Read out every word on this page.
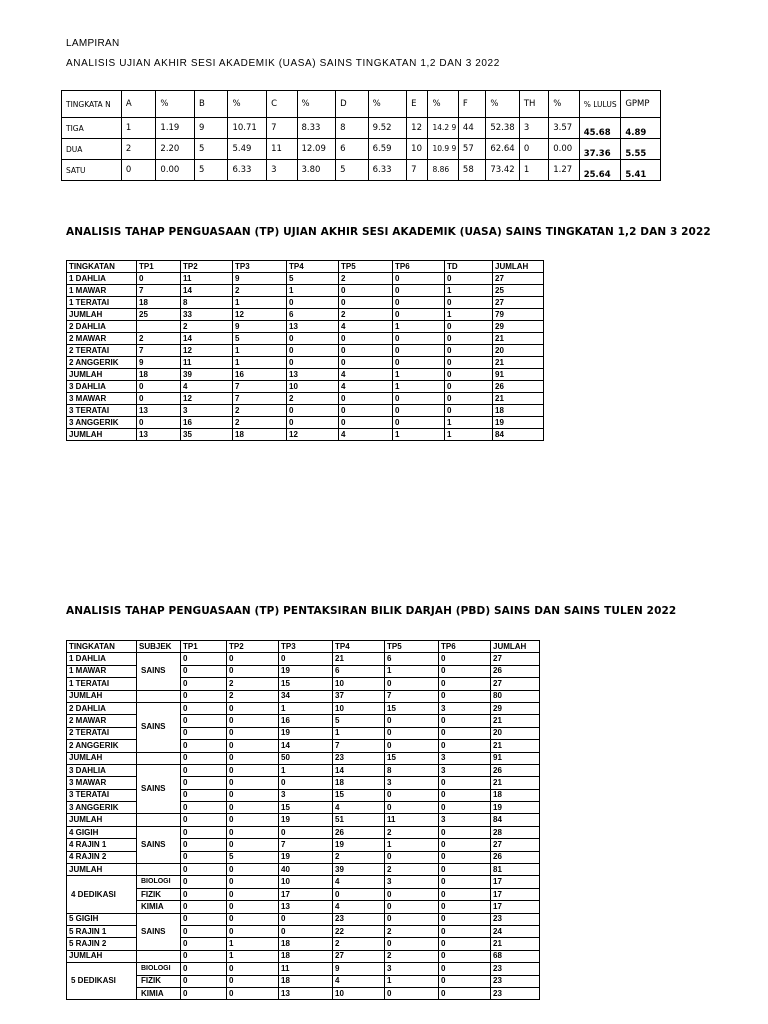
LAMPIRAN

ANALISIS UJIAN AKHIR SESI AKADEMIK (UASA) SAINS TINGKATAN 1,2 DAN 3 2022

TINGKATA N	A	%	B	%	C	%	D	%	E	%	F	%	TH	%	% LULUS	GPMP
TIGA	1	1.19	9	10.71	7	8.33	8	9.52	12	14.2 9	44	52.38	3	3.57	45.68	4.89
DUA	2	2.20	5	5.49	11	12.09	6	6.59	10	10.9 9	57	62.64	0	0.00	37.36	5.55
SATU	0	0.00	5	6.33	3	3.80	5	6.33	7	8.86	58	73.42	1	1.27	25.64	5.41
ANALISIS TAHAP PENGUASAAN (TP) UJIAN AKHIR SESI AKADEMIK (UASA) SAINS TINGKATAN 1,2 DAN 3 2022
TINGKATAN	TP1	TP2	TP3	TP4	TP5	TP6	TD	JUMLAH
1 DAHLIA	0	11	9	5	2	0	0	27
1 MAWAR	7	14	2	1	0	0	1	25
1 TERATAI	18	8	1	0	0	0	0	27
JUMLAH	25	33	12	6	2	0	1	79
2 DAHLIA		2	9	13	4	1	0	29
2 MAWAR	2	14	5	0	0	0	0	21
2 TERATAI	7	12	1	0	0	0	0	20
2 ANGGERIK	9	11	1	0	0	0	0	21
JUMLAH	18	39	16	13	4	1	0	91
3 DAHLIA	0	4	7	10	4	1	0	26
3 MAWAR	0	12	7	2	0	0	0	21
3 TERATAI	13	3	2	0	0	0	0	18
3 ANGGERIK	0	16	2	0	0	0	1	19
JUMLAH	13	35	18	12	4	1	1	84
ANALISIS TAHAP PENGUASAAN (TP) PENTAKSIRAN BILIK DARJAH (PBD) SAINS DAN SAINS TULEN 2022
TINGKATAN	SUBJEK	TP1	TP2	TP3	TP4	TP5	TP6	JUMLAH
1 DAHLIA	SAINS	0	0	0	21	6	0	27
1 MAWAR		0	0	19	6	1	0	26
1 TERATAI		0	2	15	10	0	0	27
JUMLAH		0	2	34	37	7	0	80
2 DAHLIA	SAINS	0	0	1	10	15	3	29
2 MAWAR		0	0	16	5	0	0	21
2 TERATAI		0	0	19	1	0	0	20
2 ANGGERIK		0	0	14	7	0	0	21
JUMLAH		0	0	50	23	15	3	91
3 DAHLIA	SAINS	0	0	1	14	8	3	26
3 MAWAR		0	0	0	18	3	0	21
3 TERATAI		0	0	3	15	0	0	18
3 ANGGERIK		0	0	15	4	0	0	19
JUMLAH		0	0	19	51	11	3	84
4 GIGIH	SAINS	0	0	0	26	2	0	28
4 RAJIN 1		0	0	7	19	1	0	27
4 RAJIN 2		0	5	19	2	0	0	26
JUMLAH		0	0	40	39	2	0	81
4 DEDIKASI	BIOLOGI	0	0	10	4	3	0	17
	FIZIK	0	0	17	0	0	0	17
	KIMIA	0	0	13	4	0	0	17
5 GIGIH	SAINS	0	0	0	23	0	0	23
5 RAJIN 1		0	0	0	22	2	0	24
5 RAJIN 2		0	1	18	2	0	0	21
JUMLAH		0	1	18	27	2	0	68
5 DEDIKASI	BIOLOGI	0	0	11	9	3	0	23
	FIZIK	0	0	18	4	1	0	23
	KIMIA	0	0	13	10	0	0	23
